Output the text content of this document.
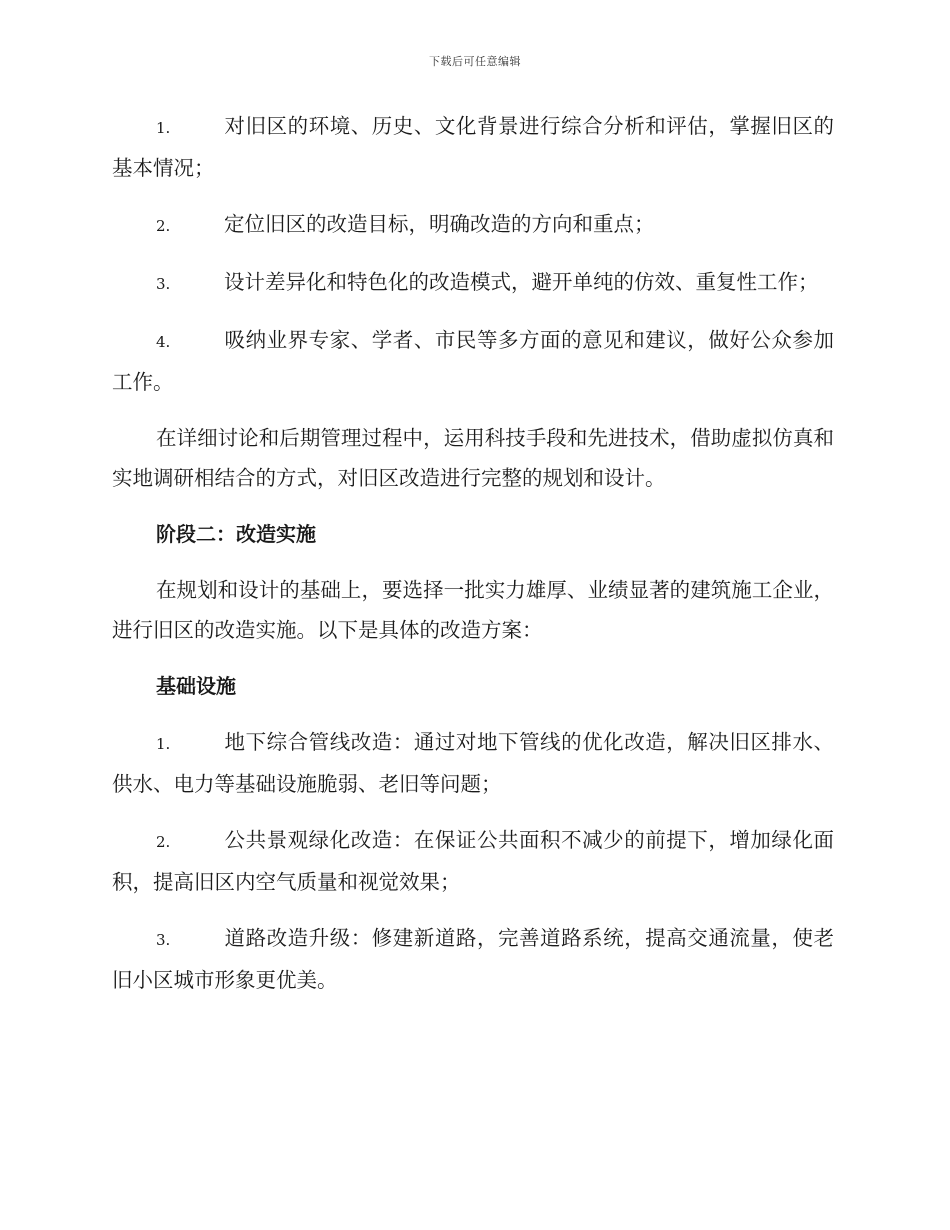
下载后可任意编辑

1.	对旧区的环境、历史、文化背景进行综合分析和评估，掌握旧区的基本情况；

2.	定位旧区的改造目标，明确改造的方向和重点；

3.	设计差异化和特色化的改造模式，避开单纯的仿效、重复性工作；

4.	吸纳业界专家、学者、市民等多方面的意见和建议，做好公众参加工作。

在详细讨论和后期管理过程中，运用科技手段和先进技术，借助虚拟仿真和实地调研相结合的方式，对旧区改造进行完整的规划和设计。

阶段二：改造实施

在规划和设计的基础上，要选择一批实力雄厚、业绩显著的建筑施工企业，进行旧区的改造实施。以下是具体的改造方案：

基础设施

1.	地下综合管线改造：通过对地下管线的优化改造，解决旧区排水、供水、电力等基础设施脆弱、老旧等问题；

2.	公共景观绿化改造：在保证公共面积不减少的前提下，增加绿化面积，提高旧区内空气质量和视觉效果；

3.	道路改造升级：修建新道路，完善道路系统，提高交通流量，使老旧小区城市形象更优美。
